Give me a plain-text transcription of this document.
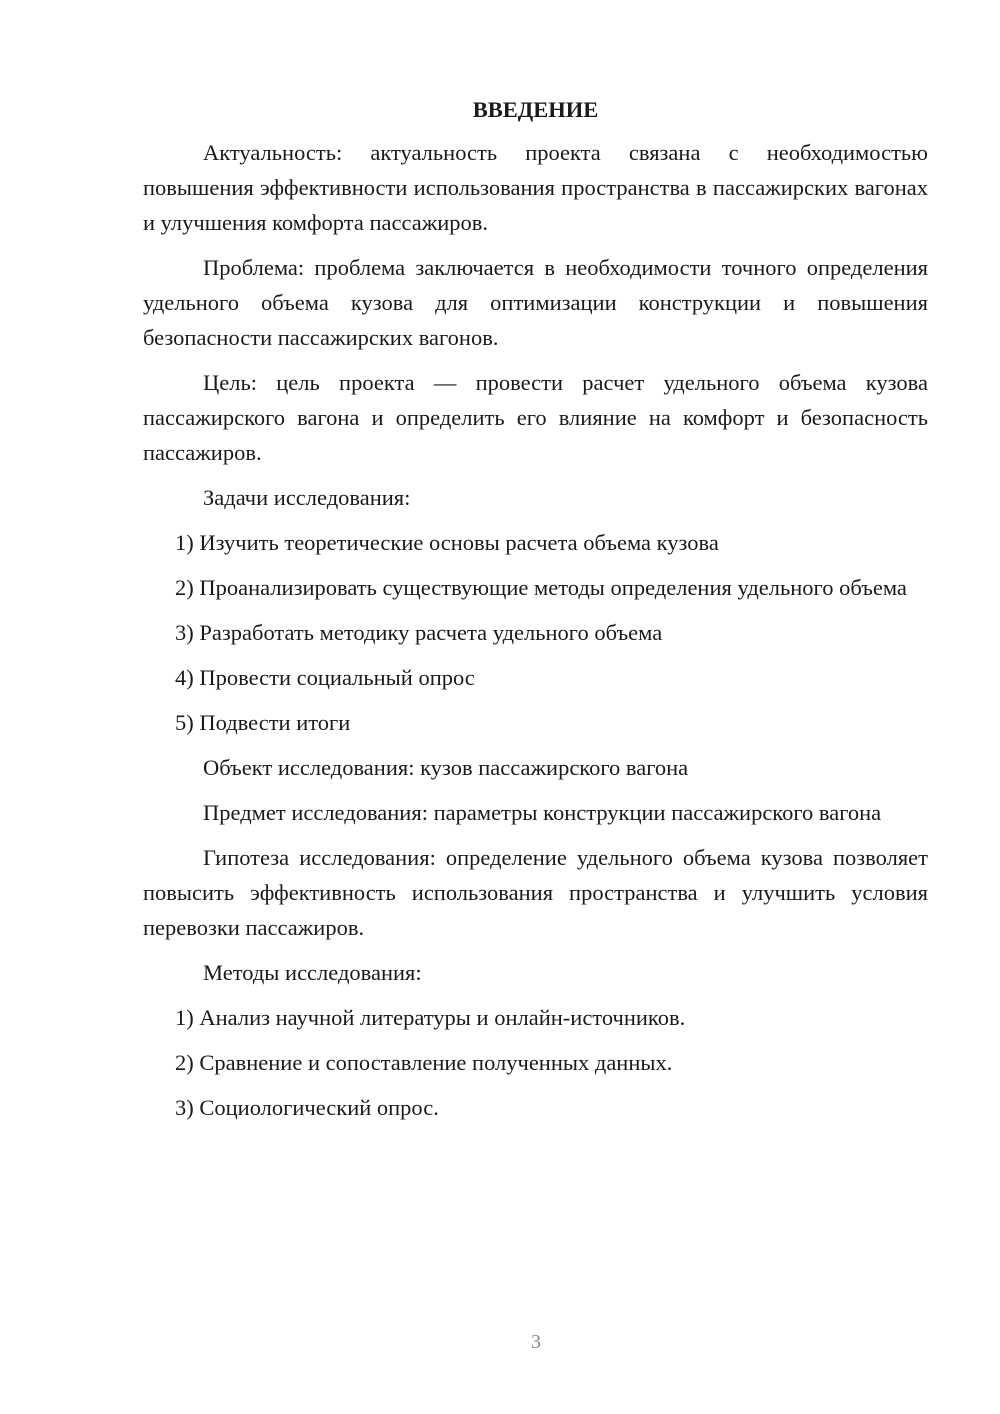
ВВЕДЕНИЕ

Актуальность: актуальность проекта связана с необходимостью повышения эффективности использования пространства в пассажирских вагонах и улучшения комфорта пассажиров.

Проблема: проблема заключается в необходимости точного определения удельного объема кузова для оптимизации конструкции и повышения безопасности пассажирских вагонов.

Цель: цель проекта — провести расчет удельного объема кузова пассажирского вагона и определить его влияние на комфорт и безопасность пассажиров.

Задачи исследования:

1) Изучить теоретические основы расчета объема кузова

2) Проанализировать существующие методы определения удельного объема

3) Разработать методику расчета удельного объема

4) Провести социальный опрос

5) Подвести итоги

Объект исследования: кузов пассажирского вагона

Предмет исследования: параметры конструкции пассажирского вагона

Гипотеза исследования: определение удельного объема кузова позволяет повысить эффективность использования пространства и улучшить условия перевозки пассажиров.

Методы исследования:

1) Анализ научной литературы и онлайн-источников.

2) Сравнение и сопоставление полученных данных.

3) Социологический опрос.

3
